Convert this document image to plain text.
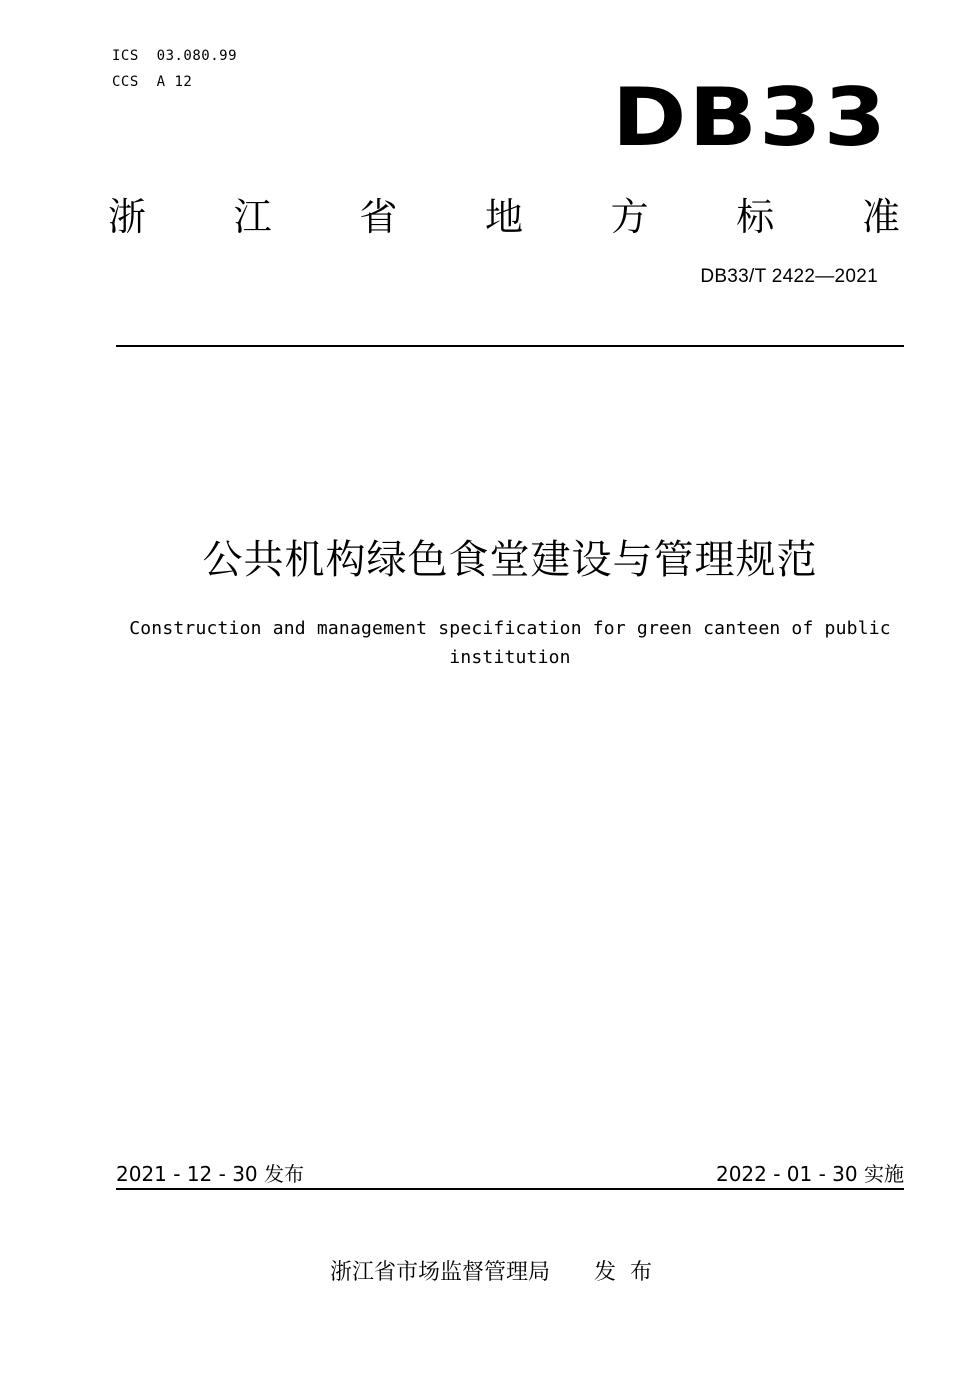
ICS  03.080.99
CCS  A 12	DB33
浙 江 省 地 方 标 准
DB33/T 2422—2021
公共机构绿色食堂建设与管理规范
Construction and management specification for green canteen of public institution
2021 - 12 - 30 发布	2022 - 01 - 30 实施
浙江省市场监督管理局 发布
